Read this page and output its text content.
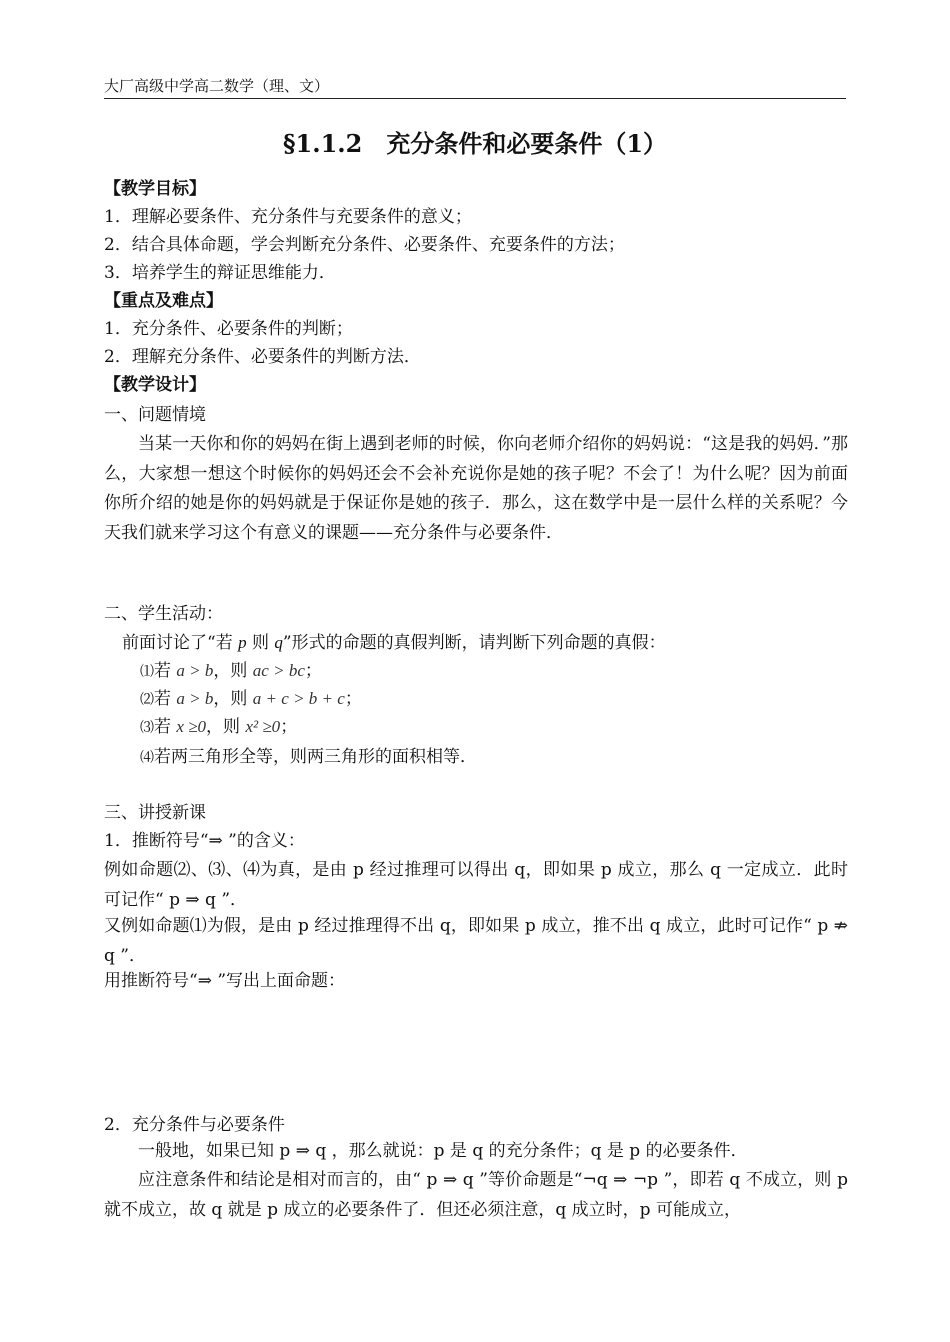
大厂高级中学高二数学（理、文）
§1.1.2　充分条件和必要条件（1）
【教学目标】
1．理解必要条件、充分条件与充要条件的意义；
2．结合具体命题，学会判断充分条件、必要条件、充要条件的方法；
3．培养学生的辩证思维能力．
【重点及难点】
1．充分条件、必要条件的判断；
2．理解充分条件、必要条件的判断方法．
【教学设计】
一、问题情境
当某一天你和你的妈妈在街上遇到老师的时候，你向老师介绍你的妈妈说：“这是我的妈妈．”那么，大家想一想这个时候你的妈妈还会不会补充说你是她的孩子呢？不会了！为什么呢？因为前面你所介绍的她是你的妈妈就是于保证你是她的孩子．那么，这在数学中是一层什么样的关系呢？今天我们就来学习这个有意义的课题——充分条件与必要条件．
二、学生活动：
前面讨论了“若 p 则 q”形式的命题的真假判断，请判断下列命题的真假：
⑴若 a > b，则 ac > bc；
⑵若 a > b，则 a + c > b + c；
⑶若 x ≥0，则 x² ≥0；
⑷若两三角形全等，则两三角形的面积相等．
三、讲授新课
1．推断符号“⇒ ”的含义：
例如命题⑵、⑶、⑷为真，是由 p 经过推理可以得出 q，即如果 p 成立，那么 q 一定成立．此时可记作“ p ⇒ q ”．
又例如命题⑴为假，是由 p 经过推理得不出 q，即如果 p 成立，推不出 q 成立，此时可记作“ p ⇏ q ”．
用推断符号“⇒ ”写出上面命题：
2．充分条件与必要条件
一般地，如果已知 p ⇒ q ，那么就说：p 是 q 的充分条件；q 是 p 的必要条件．
应注意条件和结论是相对而言的，由“ p ⇒ q ”等价命题是“¬q ⇒ ¬p ”，即若 q 不成立，则 p 就不成立，故 q 就是 p 成立的必要条件了．但还必须注意，q 成立时，p 可能成立，
